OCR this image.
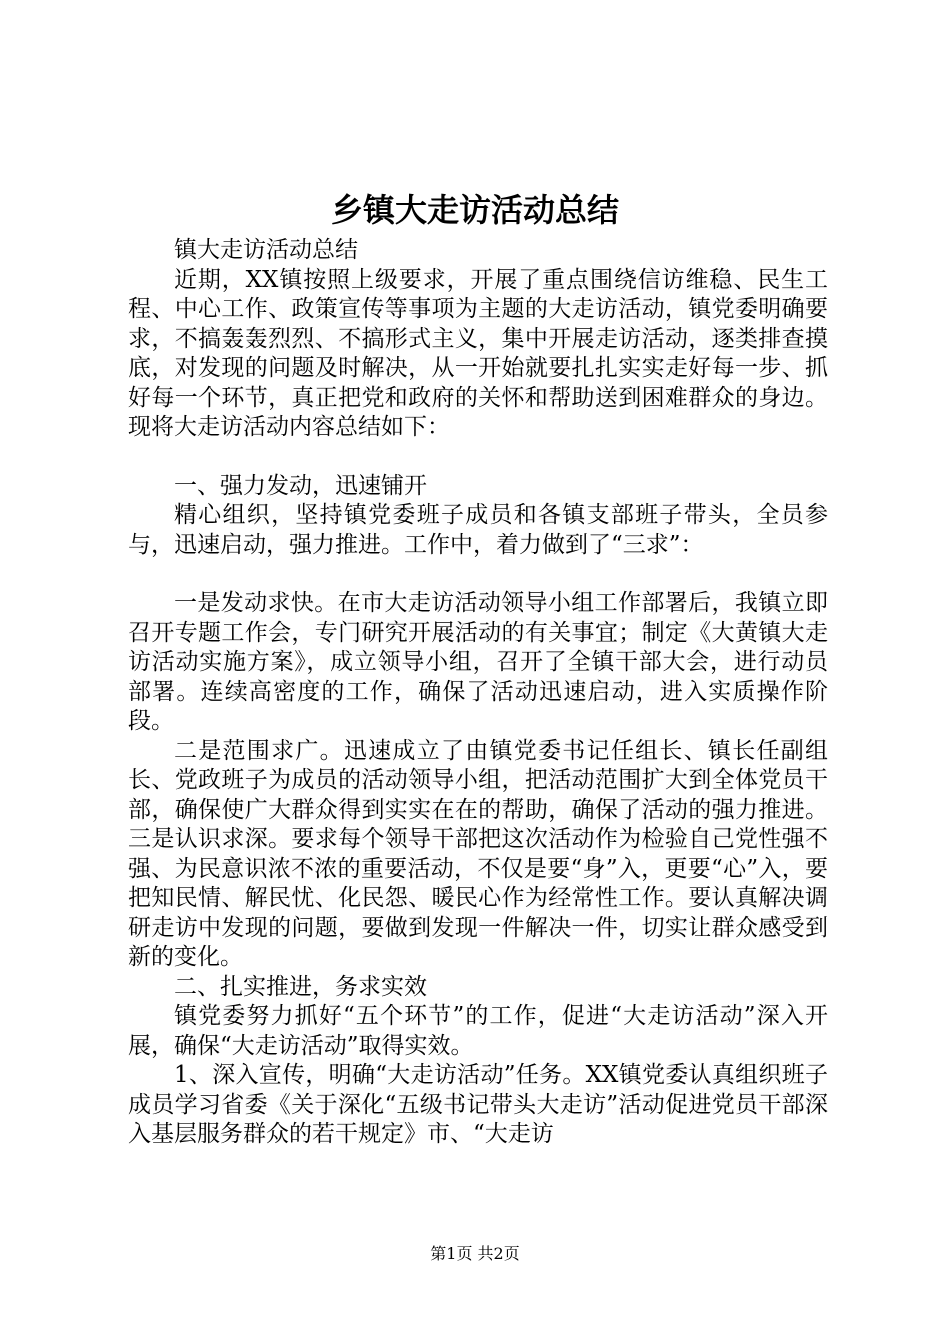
乡镇大走访活动总结

镇大走访活动总结

近期，XX镇按照上级要求，开展了重点围绕信访维稳、民生工程、中心工作、政策宣传等事项为主题的大走访活动，镇党委明确要求，不搞轰轰烈烈、不搞形式主义，集中开展走访活动，逐类排查摸底，对发现的问题及时解决，从一开始就要扎扎实实走好每一步、抓好每一个环节，真正把党和政府的关怀和帮助送到困难群众的身边。现将大走访活动内容总结如下：

一、强力发动，迅速铺开

精心组织，坚持镇党委班子成员和各镇支部班子带头，全员参与，迅速启动，强力推进。工作中，着力做到了“三求”：

一是发动求快。在市大走访活动领导小组工作部署后，我镇立即召开专题工作会，专门研究开展活动的有关事宜；制定《大黄镇大走访活动实施方案》，成立领导小组，召开了全镇干部大会，进行动员部署。连续高密度的工作，确保了活动迅速启动，进入实质操作阶段。

二是范围求广。迅速成立了由镇党委书记任组长、镇长任副组长、党政班子为成员的活动领导小组，把活动范围扩大到全体党员干部，确保使广大群众得到实实在在的帮助，确保了活动的强力推进。三是认识求深。要求每个领导干部把这次活动作为检验自己党性强不强、为民意识浓不浓的重要活动，不仅是要“身”入，更要“心”入，要把知民情、解民忧、化民怨、暖民心作为经常性工作。要认真解决调研走访中发现的问题，要做到发现一件解决一件，切实让群众感受到新的变化。

二、扎实推进，务求实效

镇党委努力抓好“五个环节”的工作，促进“大走访活动”深入开展，确保“大走访活动”取得实效。

1、深入宣传，明确“大走访活动”任务。XX镇党委认真组织班子成员学习省委《关于深化“五级书记带头大走访”活动促进党员干部深入基层服务群众的若干规定》市、“大走访

第1页 共2页
